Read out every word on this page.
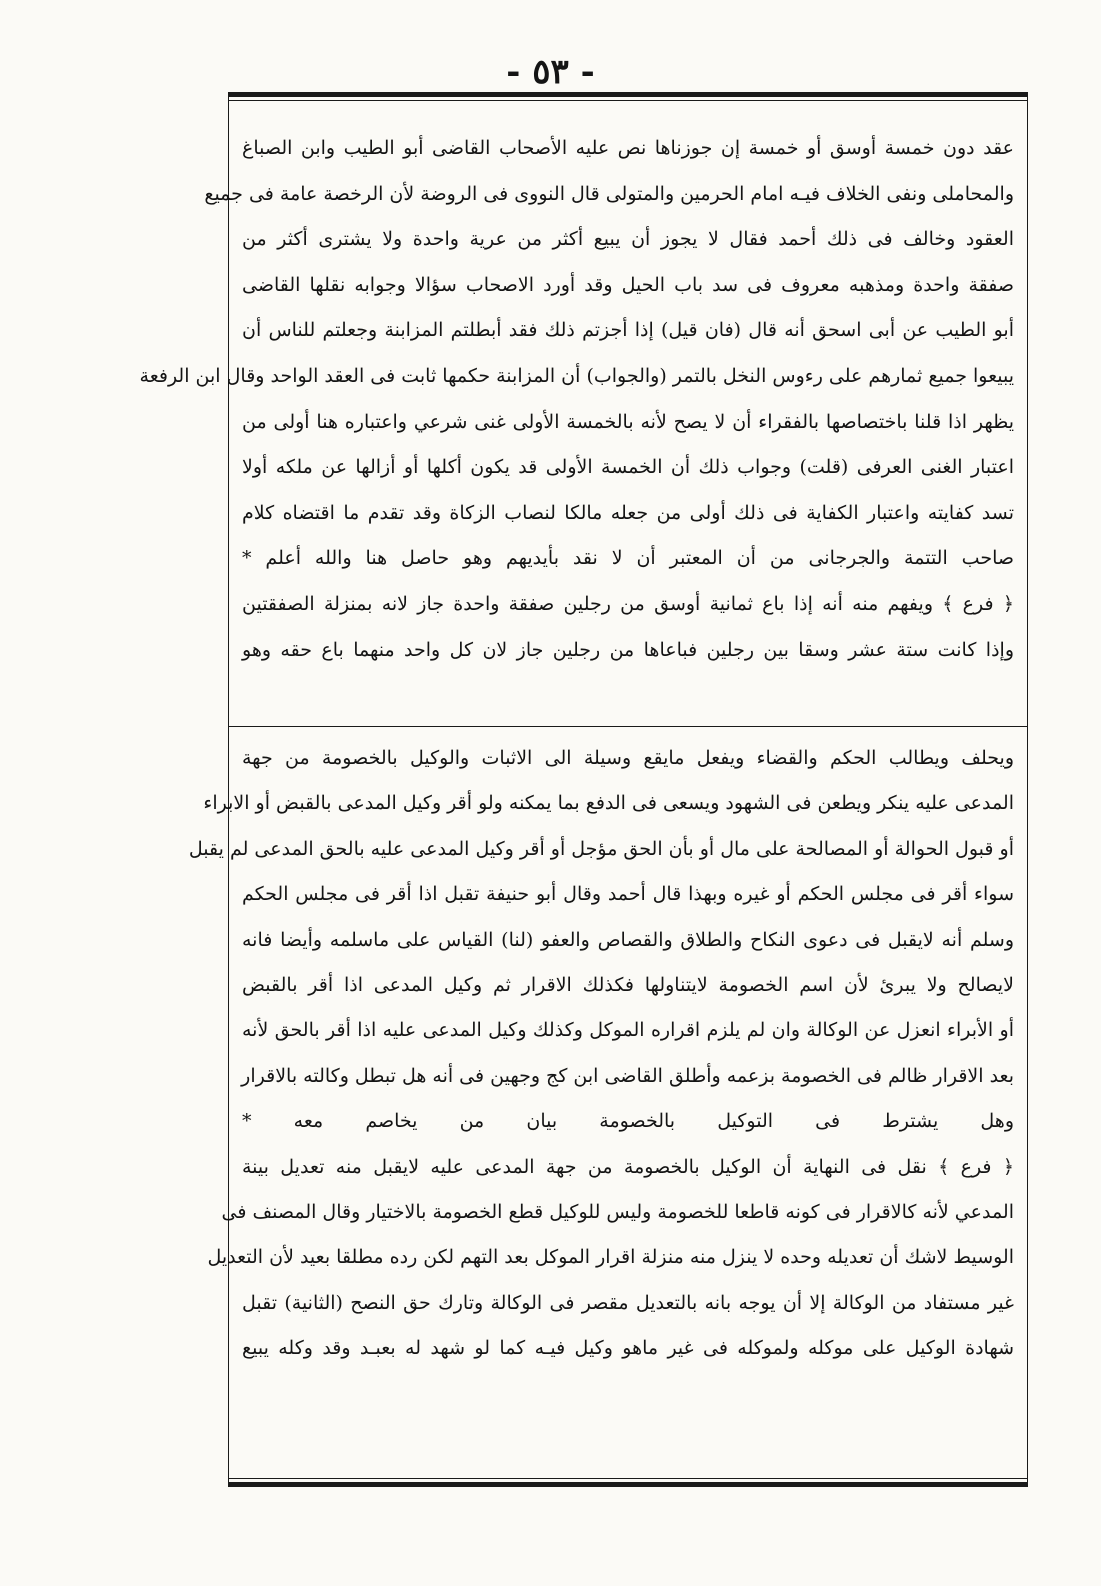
- ٥٣ -
عقد دون خمسة أوسق أو خمسة إن جوزناها نص عليه الأصحاب القاضى أبو الطيب وابن الصباغ
والمحاملى ونفى الخلاف فيـه امام الحرمين والمتولى قال النووى فى الروضة لأن الرخصة عامة فى جميع
العقود وخالف فى ذلك أحمد فقال لا يجوز أن يبيع أكثر من عرية واحدة ولا يشترى أكثر من
صفقة واحدة ومذهبه معروف فى سد باب الحيل وقد أورد الاصحاب سؤالا وجوابه نقلها القاضى
أبو الطيب عن أبى اسحق أنه قال (فان قيل) إذا أجزتم ذلك فقد أبطلتم المزابنة وجعلتم للناس أن
يبيعوا جميع ثمارهم على رءوس النخل بالتمر (والجواب) أن المزابنة حكمها ثابت فى العقد الواحد وقال ابن الرفعة
يظهر اذا قلنا باختصاصها بالفقراء أن لا يصح لأنه بالخمسة الأولى غنى شرعي واعتباره هنا أولى من
اعتبار الغنى العرفى (قلت) وجواب ذلك أن الخمسة الأولى قد يكون أكلها أو أزالها عن ملكه أولا
تسد كفايته واعتبار الكفاية فى ذلك أولى من جعله مالكا لنصاب الزكاة وقد تقدم ما اقتضاه كلام
صاحب التتمة والجرجانى من أن المعتبر أن لا نقد بأيديهم وهو حاصل هنا والله أعلم *
﴿ فرع ﴾ ويفهم منه أنه إذا باع ثمانية أوسق من رجلين صفقة واحدة جاز لانه بمنزلة الصفقتين
وإذا كانت ستة عشر وسقا بين رجلين فباعاها من رجلين جاز لان كل واحد منهما باع حقه وهو
ويحلف ويطالب الحكم والقضاء ويفعل مايقع وسيلة الى الاثبات والوكيل بالخصومة من جهة
المدعى عليه ينكر ويطعن فى الشهود ويسعى فى الدفع بما يمكنه ولو أقر وكيل المدعى بالقبض أو الابراء
أو قبول الحوالة أو المصالحة على مال أو بأن الحق مؤجل أو أقر وكيل المدعى عليه بالحق المدعى لم يقبل
سواء أقر فى مجلس الحكم أو غيره وبهذا قال أحمد وقال أبو حنيفة تقبل اذا أقر فى مجلس الحكم
وسلم أنه لايقبل فى دعوى النكاح والطلاق والقصاص والعفو (لنا) القياس على ماسلمه وأيضا فانه
لايصالح ولا يبرئ لأن اسم الخصومة لايتناولها فكذلك الاقرار ثم وكيل المدعى اذا أقر بالقبض
أو الأبراء انعزل عن الوكالة وان لم يلزم اقراره الموكل وكذلك وكيل المدعى عليه اذا أقر بالحق لأنه
بعد الاقرار ظالم فى الخصومة بزعمه وأطلق القاضى ابن كج وجهين فى أنه هل تبطل وكالته بالاقرار
وهل يشترط فى التوكيل بالخصومة بيان من يخاصم معه *
﴿ فرع ﴾ نقل فى النهاية أن الوكيل بالخصومة من جهة المدعى عليه لايقبل منه تعديل بينة
المدعي لأنه كالاقرار فى كونه قاطعا للخصومة وليس للوكيل قطع الخصومة بالاختيار وقال المصنف فى
الوسيط لاشك أن تعديله وحده لا ينزل منه منزلة اقرار الموكل بعد التهم لكن رده مطلقا بعيد لأن التعديل
غير مستفاد من الوكالة إلا أن يوجه بانه بالتعديل مقصر فى الوكالة وتارك حق النصح (الثانية) تقبل
شهادة الوكيل على موكله ولموكله فى غير ماهو وكيل فيـه كما لو شهد له بعبـد وقد وكله يبيع
